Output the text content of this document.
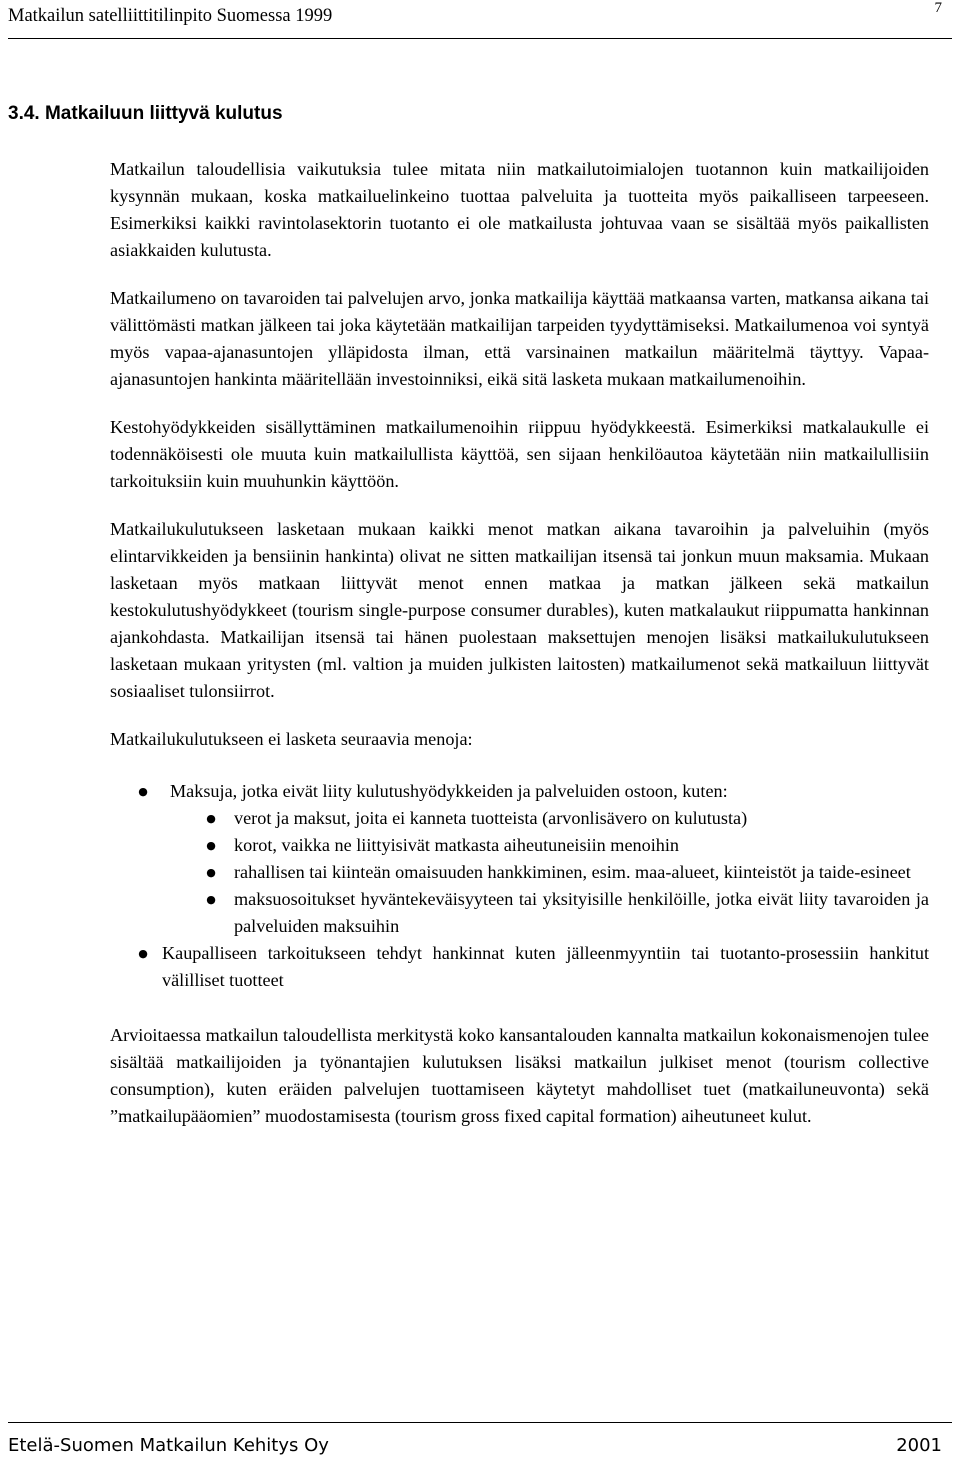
Matkailun satelliittitilinpito Suomessa 1999	7
3.4. Matkailuun liittyvä kulutus

Matkailun taloudellisia vaikutuksia tulee mitata niin matkailutoimialojen tuotannon kuin matkailijoiden kysynnän mukaan, koska matkailuelinkeino tuottaa palveluita ja tuotteita myös paikalliseen tarpeeseen. Esimerkiksi kaikki ravintolasektorin tuotanto ei ole matkailusta johtuvaa vaan se sisältää myös paikallisten asiakkaiden kulutusta.

Matkailumeno on tavaroiden tai palvelujen arvo, jonka matkailija käyttää matkaansa varten, matkansa aikana tai välittömästi matkan jälkeen tai joka käytetään matkailijan tarpeiden tyydyttämiseksi. Matkailumenoa voi syntyä myös vapaa-ajanasuntojen ylläpidosta ilman, että varsinainen matkailun määritelmä täyttyy. Vapaa-ajanasuntojen hankinta määritellään investoinniksi, eikä sitä lasketa mukaan matkailumenoihin.

Kestohyödykkeiden sisällyttäminen matkailumenoihin riippuu hyödykkeestä. Esimerkiksi matkalaukulle ei todennäköisesti ole muuta kuin matkailullista käyttöä, sen sijaan henkilöautoa käytetään niin matkailullisiin tarkoituksiin kuin muuhunkin käyttöön.

Matkailukulutukseen lasketaan mukaan kaikki menot matkan aikana tavaroihin ja palveluihin (myös elintarvikkeiden ja bensiinin hankinta) olivat ne sitten matkailijan itsensä tai jonkun muun maksamia. Mukaan lasketaan myös matkaan liittyvät menot ennen matkaa ja matkan jälkeen sekä matkailun kestokulutushyödykkeet (tourism single-purpose consumer durables), kuten matkalaukut riippumatta hankinnan ajankohdasta. Matkailijan itsensä tai hänen puolestaan maksettujen menojen lisäksi matkailukulutukseen lasketaan mukaan yritysten (ml. valtion ja muiden julkisten laitosten) matkailumenot sekä matkailuun liittyvät sosiaaliset tulonsiirrot.

Matkailukulutukseen ei lasketa seuraavia menoja:

●
Maksuja, jotka eivät liity kulutushyödykkeiden ja palveluiden ostoon, kuten:
●
verot ja maksut, joita ei kanneta tuotteista (arvonlisävero on kulutusta)
●
korot, vaikka ne liittyisivät matkasta aiheutuneisiin menoihin
●
rahallisen tai kiinteän omaisuuden hankkiminen, esim. maa-alueet, kiinteistöt ja taide-esineet
●
maksuosoitukset hyväntekeväisyyteen tai yksityisille henkilöille, jotka eivät liity tavaroiden ja palveluiden maksuihin
●
Kaupalliseen tarkoitukseen tehdyt hankinnat kuten jälleenmyyntiin tai tuotanto-prosessiin hankitut välilliset tuotteet

Arvioitaessa matkailun taloudellista merkitystä koko kansantalouden kannalta matkailun kokonaismenojen tulee sisältää matkailijoiden ja työnantajien kulutuksen lisäksi matkailun julkiset menot (tourism collective consumption), kuten eräiden palvelujen tuottamiseen käytetyt mahdolliset tuet (matkailuneuvonta) sekä ”matkailupääomien” muodostamisesta (tourism gross fixed capital formation) aiheutuneet kulut.

Etelä-Suomen Matkailun Kehitys Oy	2001
